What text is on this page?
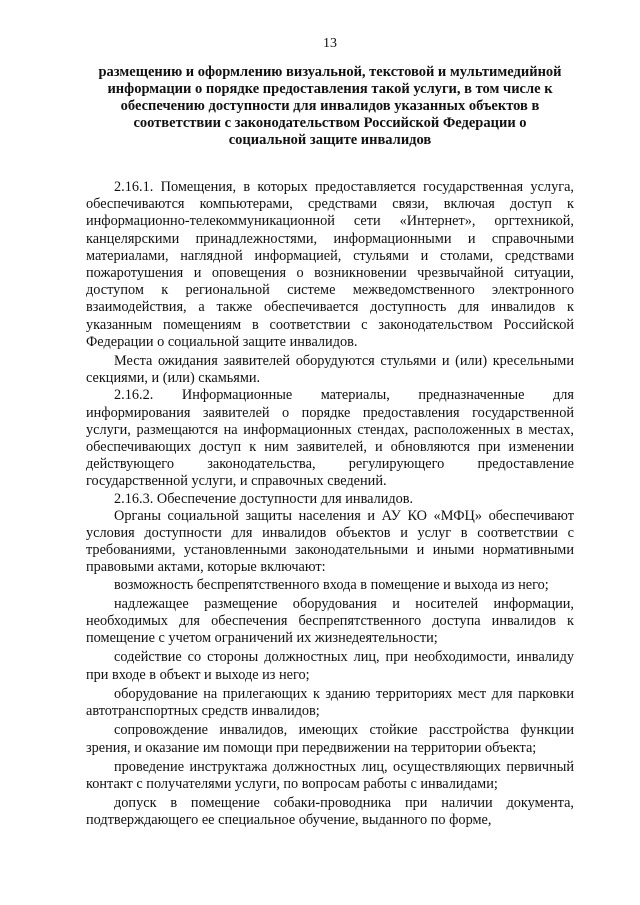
13
размещению и оформлению визуальной, текстовой и мультимедийной
информации о порядке предоставления такой услуги, в том числе к
обеспечению доступности для инвалидов указанных объектов в
соответствии с законодательством Российской Федерации о
социальной защите инвалидов

2.16.1. Помещения, в которых предоставляется государственная услуга, обеспечиваются компьютерами, средствами связи, включая доступ к информационно-телекоммуникационной сети «Интернет», оргтехникой, канцелярскими принадлежностями, информационными и справочными материалами, наглядной информацией, стульями и столами, средствами пожаротушения и оповещения о возникновении чрезвычайной ситуации, доступом к региональной системе межведомственного электронного взаимодействия, а также обеспечивается доступность для инвалидов к указанным помещениям в соответствии с законодательством Российской Федерации о социальной защите инвалидов.

Места ожидания заявителей оборудуются стульями и (или) кресельными секциями, и (или) скамьями.

2.16.2. Информационные материалы, предназначенные для информирования заявителей о порядке предоставления государственной услуги, размещаются на информационных стендах, расположенных в местах, обеспечивающих доступ к ним заявителей, и обновляются при изменении действующего законодательства, регулирующего предоставление государственной услуги, и справочных сведений.

2.16.3. Обеспечение доступности для инвалидов.

Органы социальной защиты населения и АУ КО «МФЦ» обеспечивают условия доступности для инвалидов объектов и услуг в соответствии с требованиями, установленными законодательными и иными нормативными правовыми актами, которые включают:

возможность беспрепятственного входа в помещение и выхода из него;

надлежащее размещение оборудования и носителей информации, необходимых для обеспечения беспрепятственного доступа инвалидов к помещение с учетом ограничений их жизнедеятельности;

содействие со стороны должностных лиц, при необходимости, инвалиду при входе в объект и выходе из него;

оборудование на прилегающих к зданию территориях мест для парковки автотранспортных средств инвалидов;

сопровождение инвалидов, имеющих стойкие расстройства функции зрения, и оказание им помощи при передвижении на территории объекта;

проведение инструктажа должностных лиц, осуществляющих первичный контакт с получателями услуги, по вопросам работы с инвалидами;

допуск в помещение собаки-проводника при наличии документа, подтверждающего ее специальное обучение, выданного по форме,
